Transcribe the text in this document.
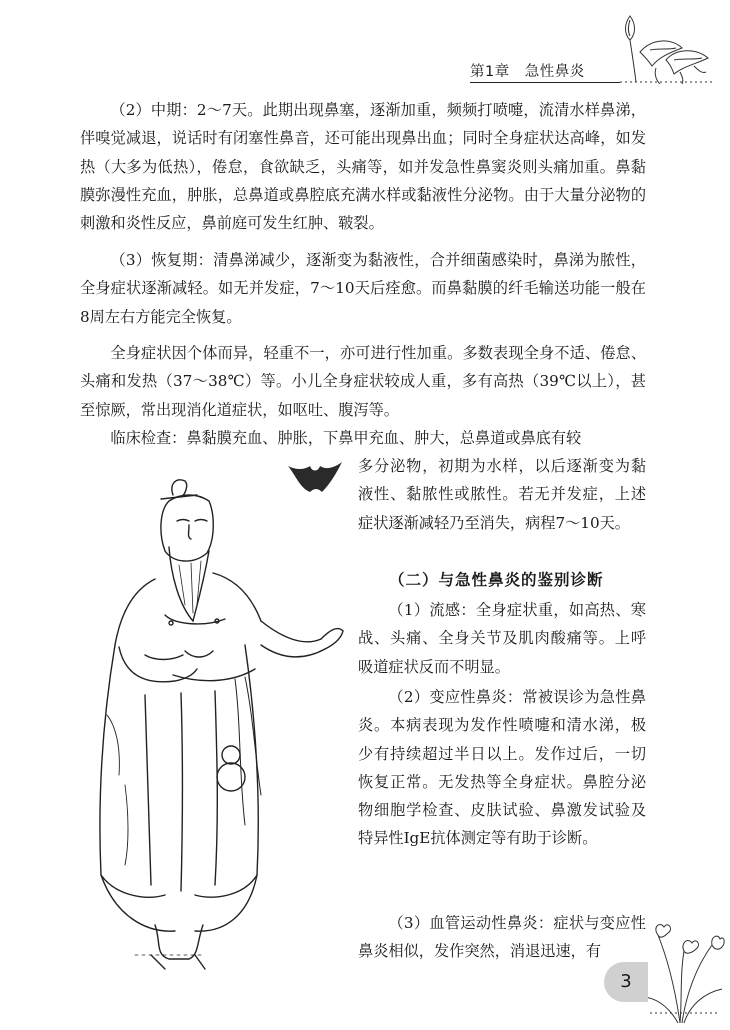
第1章　急性鼻炎

（2）中期：2～7天。此期出现鼻塞，逐渐加重，频频打喷嚏，流清水样鼻涕，伴嗅觉减退，说话时有闭塞性鼻音，还可能出现鼻出血；同时全身症状达高峰，如发热（大多为低热），倦怠，食欲缺乏，头痛等，如并发急性鼻窦炎则头痛加重。鼻黏膜弥漫性充血，肿胀，总鼻道或鼻腔底充满水样或黏液性分泌物。由于大量分泌物的刺激和炎性反应，鼻前庭可发生红肿、皲裂。

（3）恢复期：清鼻涕减少，逐渐变为黏液性，合并细菌感染时，鼻涕为脓性，全身症状逐渐减轻。如无并发症，7～10天后痊愈。而鼻黏膜的纤毛输送功能一般在8周左右方能完全恢复。

全身症状因个体而异，轻重不一，亦可进行性加重。多数表现全身不适、倦怠、头痛和发热（37～38℃）等。小儿全身症状较成人重，多有高热（39℃以上），甚至惊厥，常出现消化道症状，如呕吐、腹泻等。

临床检查：鼻黏膜充血、肿胀，下鼻甲充血、肿大，总鼻道或鼻底有较

多分泌物，初期为水样，以后逐渐变为黏液性、黏脓性或脓性。若无并发症，上述症状逐渐减轻乃至消失，病程7～10天。

（二）与急性鼻炎的鉴别诊断

（1）流感：全身症状重，如高热、寒战、头痛、全身关节及肌肉酸痛等。上呼吸道症状反而不明显。

（2）变应性鼻炎：常被误诊为急性鼻炎。本病表现为发作性喷嚏和清水涕，极少有持续超过半日以上。发作过后，一切恢复正常。无发热等全身症状。鼻腔分泌物细胞学检查、皮肤试验、鼻激发试验及特异性IgE抗体测定等有助于诊断。

（3）血管运动性鼻炎：症状与变应性鼻炎相似，发作突然，消退迅速，有

3
